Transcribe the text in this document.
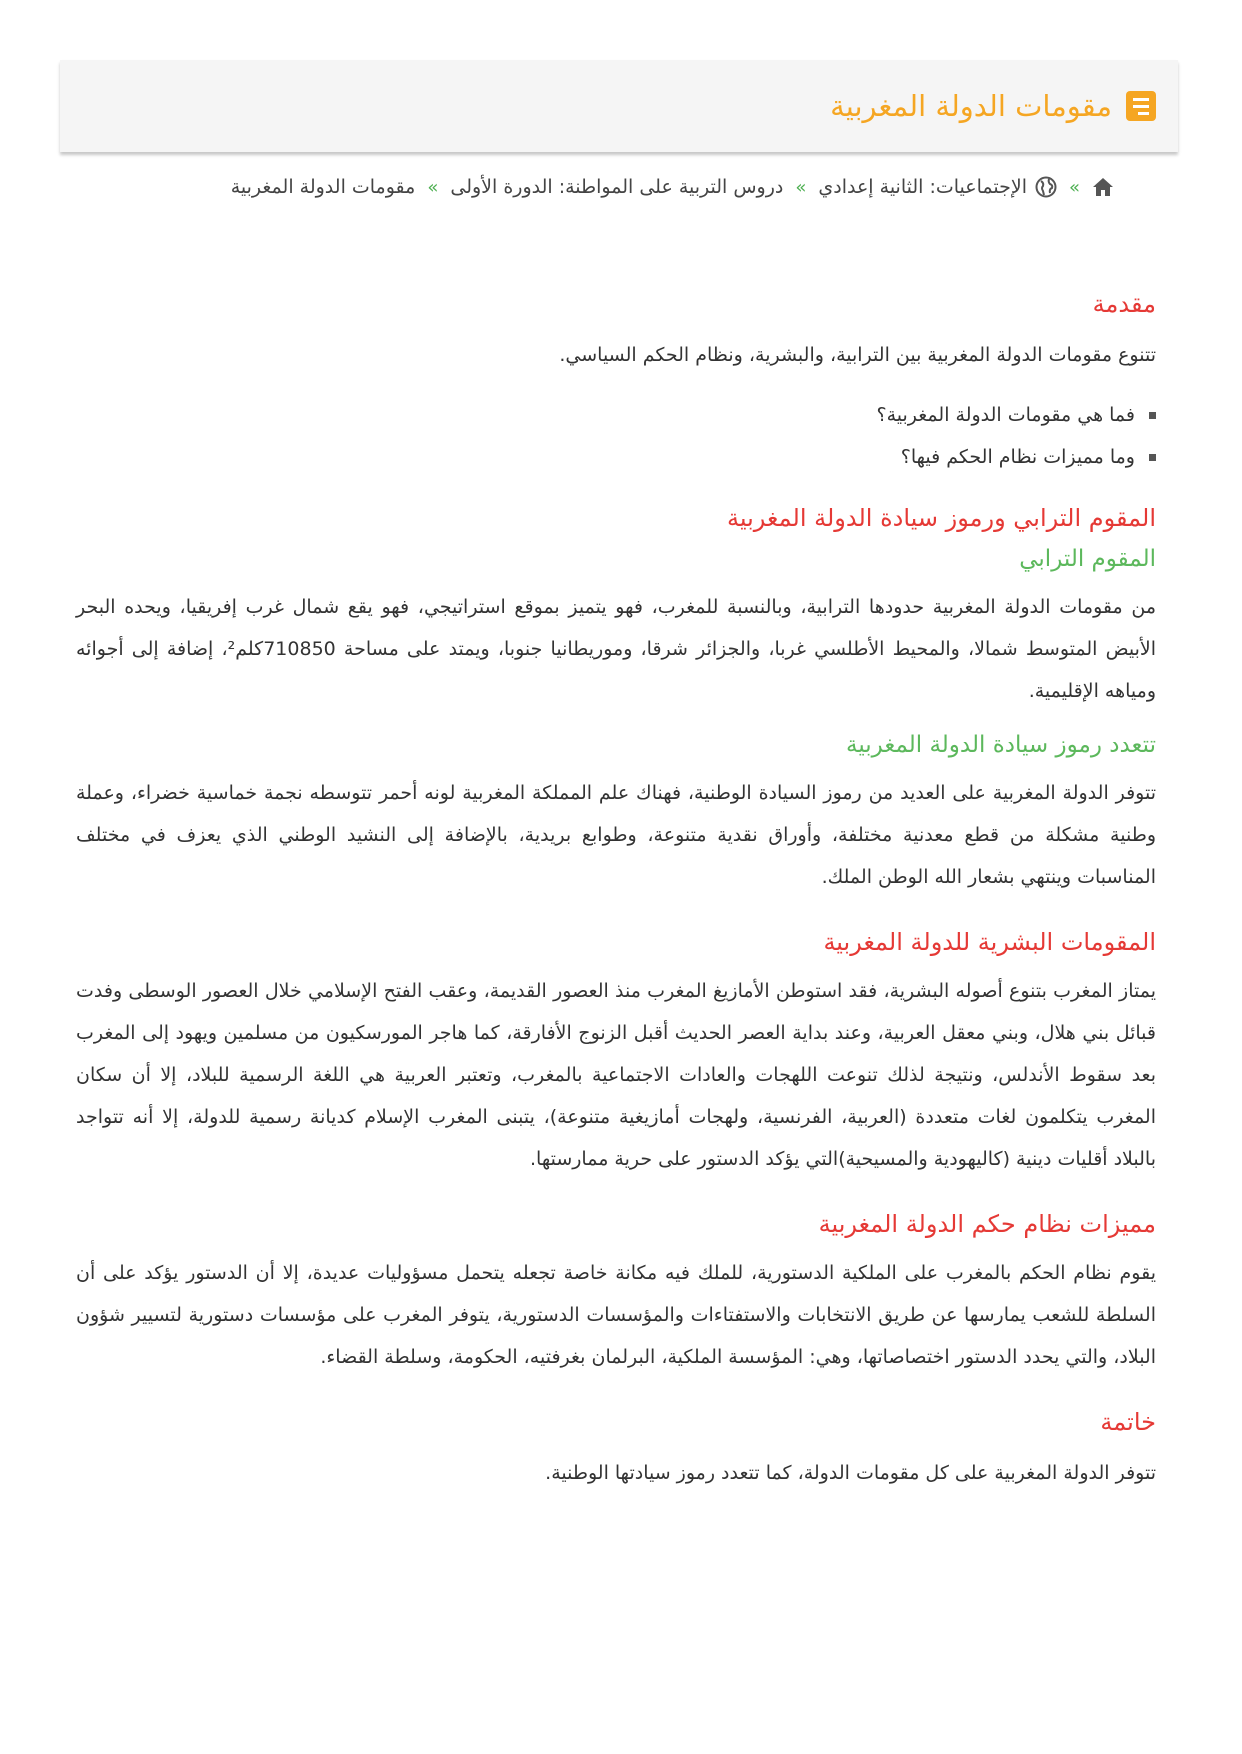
مقومات الدولة المغربية
»
الإجتماعيات: الثانية إعدادي
»
دروس التربية على المواطنة: الدورة الأولى
»
مقومات الدولة المغربية
مقدمة

تتنوع مقومات الدولة المغربية بين الترابية، والبشرية، ونظام الحكم السياسي.

فما هي مقومات الدولة المغربية؟
وما مميزات نظام الحكم فيها؟
المقوم الترابي ورموز سيادة الدولة المغربية
المقوم الترابي

من مقومات الدولة المغربية حدودها الترابية، وبالنسبة للمغرب، فهو يتميز بموقع استراتيجي، فهو يقع شمال غرب إفريقيا، ويحده البحر الأبيض المتوسط شمالا، والمحيط الأطلسي غربا، والجزائر شرقا، وموريطانيا جنوبا، ويمتد على مساحة 710850كلم²، إضافة إلى أجوائه ومياهه الإقليمية.

تتعدد رموز سيادة الدولة المغربية

تتوفر الدولة المغربية على العديد من رموز السيادة الوطنية، فهناك علم المملكة المغربية لونه أحمر تتوسطه نجمة خماسية خضراء، وعملة وطنية مشكلة من قطع معدنية مختلفة، وأوراق نقدية متنوعة، وطوابع بريدية، بالإضافة إلى النشيد الوطني الذي يعزف في مختلف المناسبات وينتهي بشعار الله الوطن الملك.

المقومات البشرية للدولة المغربية

يمتاز المغرب بتنوع أصوله البشرية، فقد استوطن الأمازيغ المغرب منذ العصور القديمة، وعقب الفتح الإسلامي خلال العصور الوسطى وفدت قبائل بني هلال، وبني معقل العربية، وعند بداية العصر الحديث أقبل الزنوج الأفارقة، كما هاجر المورسكيون من مسلمين ويهود إلى المغرب بعد سقوط الأندلس، ونتيجة لذلك تنوعت اللهجات والعادات الاجتماعية بالمغرب، وتعتبر العربية هي اللغة الرسمية للبلاد، إلا أن سكان المغرب يتكلمون لغات متعددة (العربية، الفرنسية، ولهجات أمازيغية متنوعة)، يتبنى المغرب الإسلام كديانة رسمية للدولة، إلا أنه تتواجد بالبلاد أقليات دينية (كاليهودية والمسيحية)التي يؤكد الدستور على حرية ممارستها.

مميزات نظام حكم الدولة المغربية

يقوم نظام الحكم بالمغرب على الملكية الدستورية، للملك فيه مكانة خاصة تجعله يتحمل مسؤوليات عديدة، إلا أن الدستور يؤكد على أن السلطة للشعب يمارسها عن طريق الانتخابات والاستفتاءات والمؤسسات الدستورية، يتوفر المغرب على مؤسسات دستورية لتسيير شؤون البلاد، والتي يحدد الدستور اختصاصاتها، وهي: المؤسسة الملكية، البرلمان بغرفتيه، الحكومة، وسلطة القضاء.

خاتمة

تتوفر الدولة المغربية على كل مقومات الدولة، كما تتعدد رموز سيادتها الوطنية.
